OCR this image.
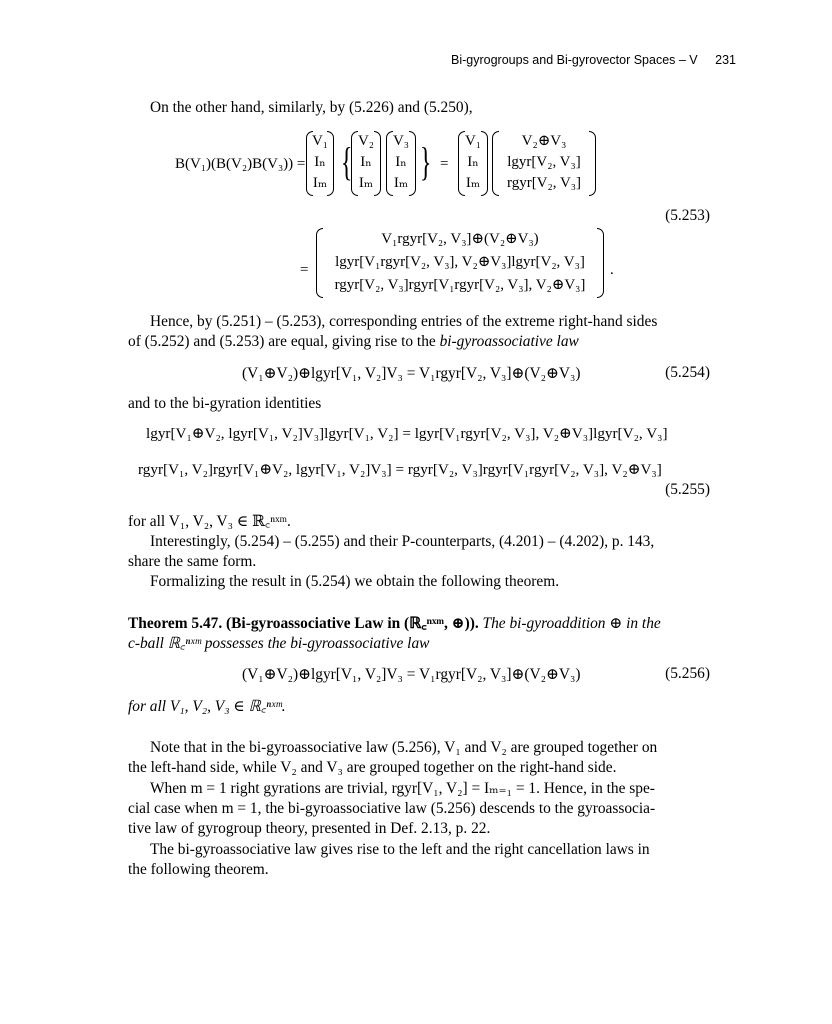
Bi-gyrogroups and Bi-gyrovector Spaces – V 231
On the other hand, similarly, by (5.226) and (5.250),
B(V₁)(B(V₂)B(V₃)) =
V₁
Iₙ
Iₘ { }
V₂
Iₙ
Iₘ
V₃
Iₙ
Iₘ
=
V₁
Iₙ
Iₘ
V₂⊕V₃
lgyr[V₂, V₃]
rgyr[V₂, V₃]
(5.253)
=
V₁rgyr[V₂, V₃]⊕(V₂⊕V₃)
lgyr[V₁rgyr[V₂, V₃], V₂⊕V₃]lgyr[V₂, V₃]
rgyr[V₂, V₃]rgyr[V₁rgyr[V₂, V₃], V₂⊕V₃]
.
Hence, by (5.251) – (5.253), corresponding entries of the extreme right-hand sides
of (5.252) and (5.253) are equal, giving rise to the bi-gyroassociative law
(V₁⊕V₂)⊕lgyr[V₁, V₂]V₃ = V₁rgyr[V₂, V₃]⊕(V₂⊕V₃)	(5.254)
and to the bi-gyration identities
lgyr[V₁⊕V₂, lgyr[V₁, V₂]V₃]lgyr[V₁, V₂] = lgyr[V₁rgyr[V₂, V₃], V₂⊕V₃]lgyr[V₂, V₃]
rgyr[V₁, V₂]rgyr[V₁⊕V₂, lgyr[V₁, V₂]V₃] = rgyr[V₂, V₃]rgyr[V₁rgyr[V₂, V₃], V₂⊕V₃]
(5.255)
for all V₁, V₂, V₃ ∈ ℝ꜀ⁿˣᵐ.
Interestingly, (5.254) – (5.255) and their P-counterparts, (4.201) – (4.202), p. 143,
share the same form.
Formalizing the result in (5.254) we obtain the following theorem.
Theorem 5.47. (Bi-gyroassociative Law in (ℝ꜀ⁿˣᵐ, ⊕)). The bi-gyroaddition ⊕ in the
c-ball ℝ꜀ⁿˣᵐ possesses the bi-gyroassociative law
(V₁⊕V₂)⊕lgyr[V₁, V₂]V₃ = V₁rgyr[V₂, V₃]⊕(V₂⊕V₃)	(5.256)
for all V₁, V₂, V₃ ∈ ℝ꜀ⁿˣᵐ.
Note that in the bi-gyroassociative law (5.256), V₁ and V₂ are grouped together on
the left-hand side, while V₂ and V₃ are grouped together on the right-hand side.
When m = 1 right gyrations are trivial, rgyr[V₁, V₂] = Iₘ₌₁ = 1. Hence, in the spe-
cial case when m = 1, the bi-gyroassociative law (5.256) descends to the gyroassocia-
tive law of gyrogroup theory, presented in Def. 2.13, p. 22.
The bi-gyroassociative law gives rise to the left and the right cancellation laws in
the following theorem.
